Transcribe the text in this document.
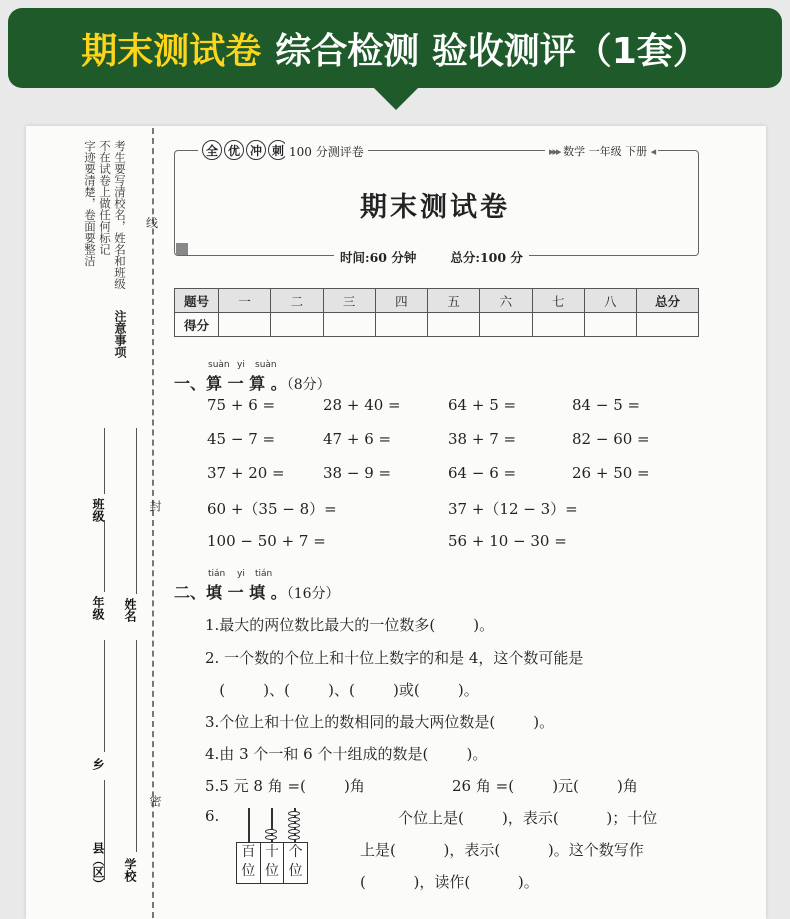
期末测试卷 综合检测 验收测评（1套）
考生要写清校名，姓名和班级
不在试卷上做任何标记
字迹要清楚，卷面要整洁
注意事项
线
封
密
年级
班级
姓名
乡
县（区） 学校
全 优 冲 刺 100 分测评卷	▸▸▸ 数学 一年级 下册 ◂
期末测试卷
时间:60 分钟	总分:100 分
题号	一	二	三	四	五	六	七	八	总分
得分									
suàn yi suàn
一、算 一 算 。（8分）
75 + 6 =	28 + 40 =	64 + 5 =	84 − 5 =
45 − 7 =	47 + 6 =	38 + 7 =	82 − 60 =
37 + 20 =	38 − 9 =	64 − 6 =	26 + 50 =
60 +（35 − 8）=	37 +（12 − 3）=
100 − 50 + 7 =	56 + 10 − 30 =
tián yi tián
二、填 一 填 。（16分）
1.最大的两位数比最大的一位数多(        )。
2. 一个数的个位上和十位上数字的和是 4，这个数可能是
(        )、(        )、(        )或(        )。
3.个位上和十位上的数相同的最大两位数是(        )。
4.由 3 个一和 6 个十组成的数是(        )。
5.5 元 8 角 =(        )角	26 角 =(        )元(        )角
6.	个位上是(        )，表示(          )；十位
上是(          )，表示(          )。这个数写作
(          )，读作(          )。
百
位
十
位
个
位
